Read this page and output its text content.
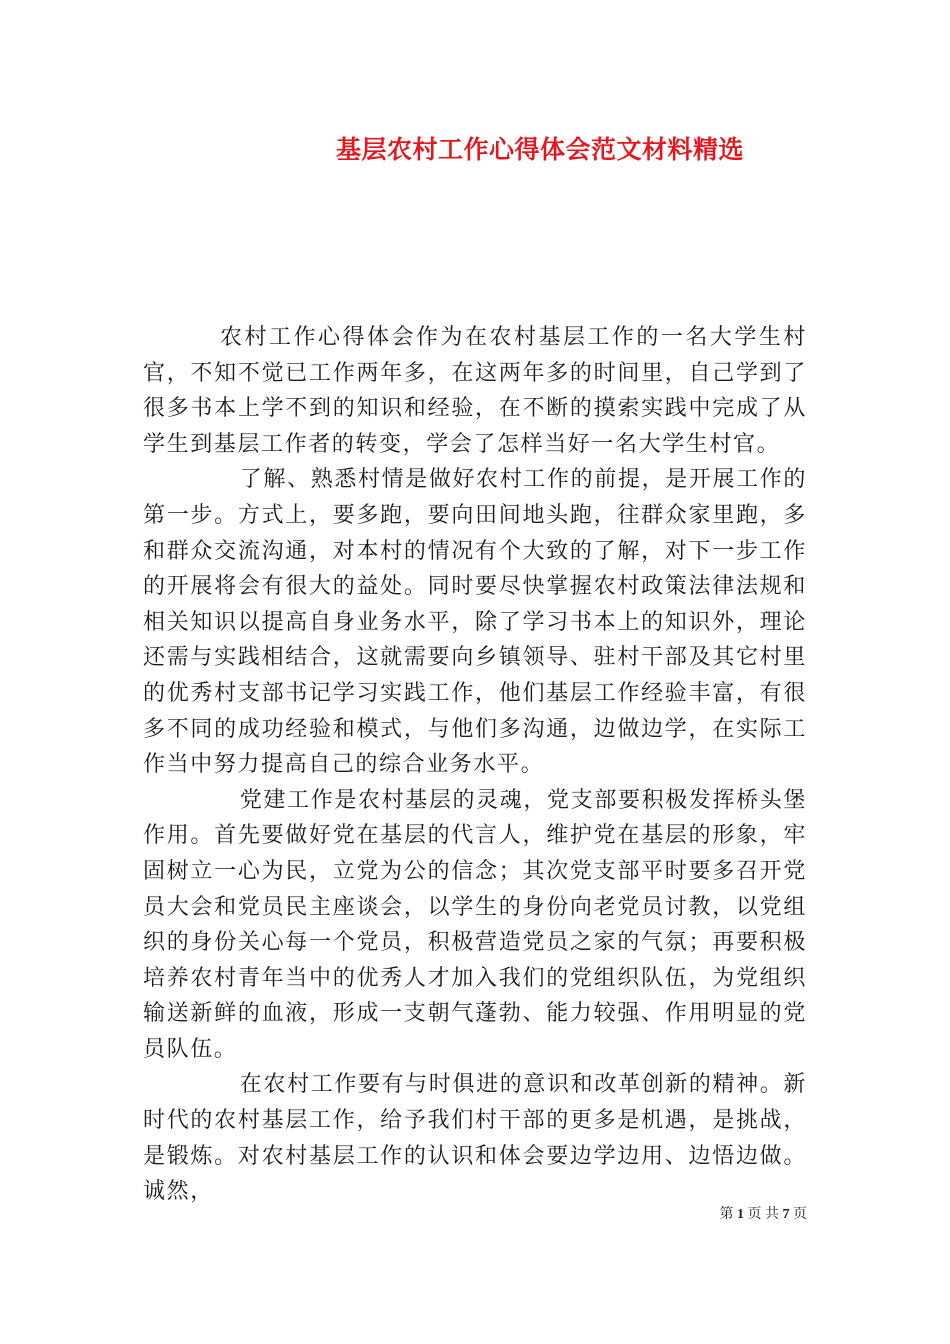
基层农村工作心得体会范文材料精选

农村工作心得体会作为在农村基层工作的一名大学生村官，不知不觉已工作两年多，在这两年多的时间里，自己学到了很多书本上学不到的知识和经验，在不断的摸索实践中完成了从学生到基层工作者的转变，学会了怎样当好一名大学生村官。

了解、熟悉村情是做好农村工作的前提，是开展工作的第一步。方式上，要多跑，要向田间地头跑，往群众家里跑，多和群众交流沟通，对本村的情况有个大致的了解，对下一步工作的开展将会有很大的益处。同时要尽快掌握农村政策法律法规和相关知识以提高自身业务水平，除了学习书本上的知识外，理论还需与实践相结合，这就需要向乡镇领导、驻村干部及其它村里的优秀村支部书记学习实践工作，他们基层工作经验丰富，有很多不同的成功经验和模式，与他们多沟通，边做边学，在实际工作当中努力提高自己的综合业务水平。

党建工作是农村基层的灵魂，党支部要积极发挥桥头堡作用。首先要做好党在基层的代言人，维护党在基层的形象，牢固树立一心为民，立党为公的信念；其次党支部平时要多召开党员大会和党员民主座谈会，以学生的身份向老党员讨教，以党组织的身份关心每一个党员，积极营造党员之家的气氛；再要积极培养农村青年当中的优秀人才加入我们的党组织队伍，为党组织输送新鲜的血液，形成一支朝气蓬勃、能力较强、作用明显的党员队伍。

在农村工作要有与时俱进的意识和改革创新的精神。新时代的农村基层工作，给予我们村干部的更多是机遇，是挑战，是锻炼。对农村基层工作的认识和体会要边学边用、边悟边做。诚然，

第 1 页 共 7 页
